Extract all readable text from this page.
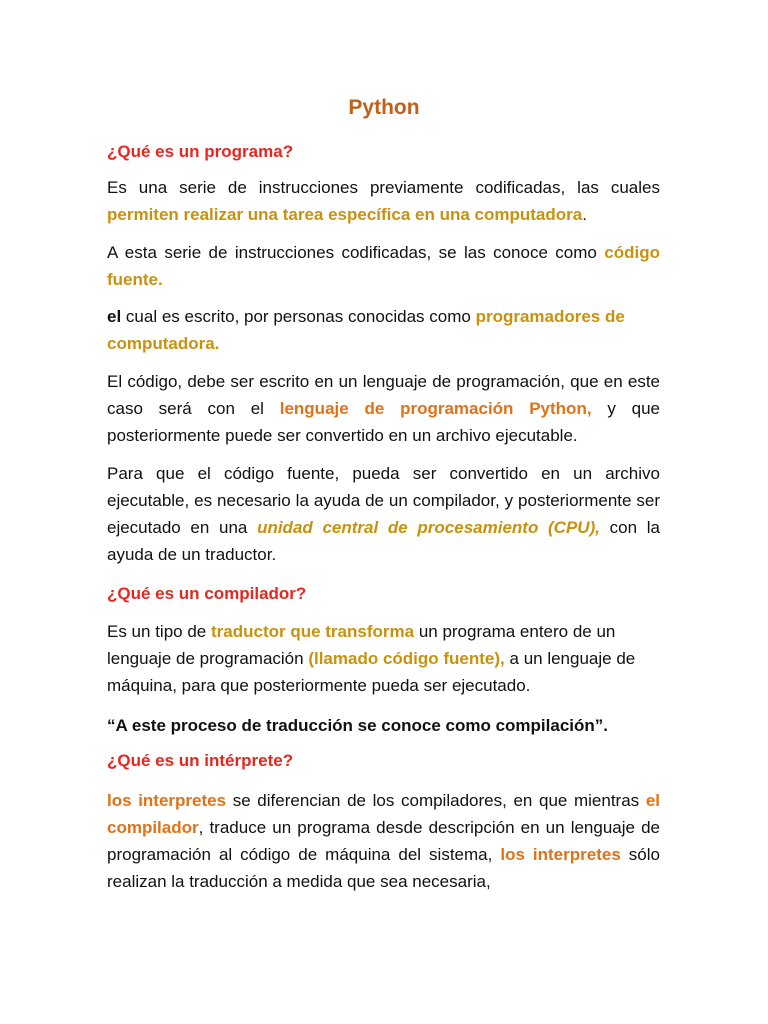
Python
¿Qué es un programa?
Es una serie de instrucciones previamente codificadas, las cuales permiten realizar una tarea específica en una computadora.
A esta serie de instrucciones codificadas, se las conoce como código fuente.
el cual es escrito, por personas conocidas como programadores de computadora.
El código, debe ser escrito en un lenguaje de programación, que en este caso será con el lenguaje de programación Python, y que posteriormente puede ser convertido en un archivo ejecutable.
Para que el código fuente, pueda ser convertido en un archivo ejecutable, es necesario la ayuda de un compilador, y posteriormente ser ejecutado en una unidad central de procesamiento (CPU), con la ayuda de un traductor.
¿Qué es un compilador?
Es un tipo de traductor que transforma un programa entero de un lenguaje de programación (llamado código fuente), a un lenguaje de máquina, para que posteriormente pueda ser ejecutado.
“A este proceso de traducción se conoce como compilación”.
¿Qué es un intérprete?
los interpretes se diferencian de los compiladores, en que mientras el compilador, traduce un programa desde descripción en un lenguaje de programación al código de máquina del sistema, los interpretes sólo realizan la traducción a medida que sea necesaria,
